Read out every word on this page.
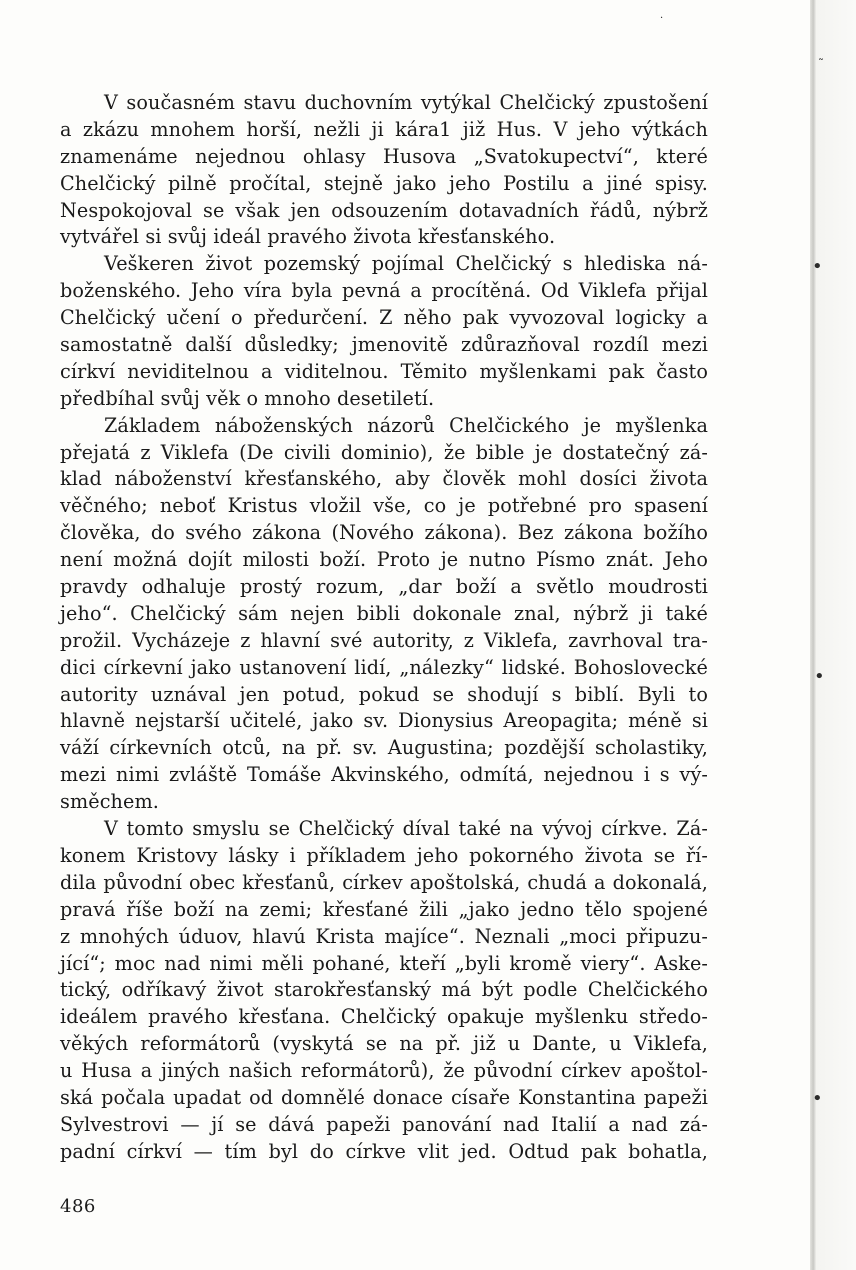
·
˜
•
•
•
V současném stavu duchovním vytýkal Chelčický zpustošení
a zkázu mnohem horší, nežli ji kára1 již Hus. V jeho výtkách
znamenáme nejednou ohlasy Husova „Svatokupectví“, které
Chelčický pilně pročítal, stejně jako jeho Postilu a jiné spisy.
Nespokojoval se však jen odsouzením dotavadních řádů, nýbrž
vytvářel si svůj ideál pravého života křesťanského.
Veškeren život pozemský pojímal Chelčický s hlediska ná-
boženského. Jeho víra byla pevná a procítěná. Od Viklefa přijal
Chelčický učení o předurčení. Z něho pak vyvozoval logicky a
samostatně další důsledky; jmenovitě zdůrazňoval rozdíl mezi
církví neviditelnou a viditelnou. Těmito myšlenkami pak často
předbíhal svůj věk o mnoho desetiletí.
Základem náboženských názorů Chelčického je myšlenka
přejatá z Viklefa (De civili dominio), že bible je dostatečný zá-
klad náboženství křesťanského, aby člověk mohl dosíci života
věčného; neboť Kristus vložil vše, co je potřebné pro spasení
člověka, do svého zákona (Nového zákona). Bez zákona božího
není možná dojít milosti boží. Proto je nutno Písmo znát. Jeho
pravdy odhaluje prostý rozum, „dar boží a světlo moudrosti
jeho“. Chelčický sám nejen bibli dokonale znal, nýbrž ji také
prožil. Vycházeje z hlavní své autority, z Viklefa, zavrhoval tra-
dici církevní jako ustanovení lidí, „nálezky“ lidské. Bohoslovecké
autority uznával jen potud, pokud se shodují s biblí. Byli to
hlavně nejstarší učitelé, jako sv. Dionysius Areopagita; méně si
váží církevních otců, na př. sv. Augustina; pozdější scholastiky,
mezi nimi zvláště Tomáše Akvinského, odmítá, nejednou i s vý-
směchem.
V tomto smyslu se Chelčický díval také na vývoj církve. Zá-
konem Kristovy lásky i příkladem jeho pokorného života se ří-
dila původní obec křesťanů, církev apoštolská, chudá a dokonalá,
pravá říše boží na zemi; křesťané žili „jako jedno tělo spojené
z mnohých úduov, hlavú Krista majíce“. Neznali „moci připuzu-
jící“; moc nad nimi měli pohané, kteří „byli kromě viery“. Aske-
tický, odříkavý život starokřesťanský má být podle Chelčického
ideálem pravého křesťana. Chelčický opakuje myšlenku středo-
věkých reformátorů (vyskytá se na př. již u Dante, u Viklefa,
u Husa a jiných našich reformátorů), že původní církev apoštol-
ská počala upadat od domnělé donace císaře Konstantina papeži
Sylvestrovi — jí se dává papeži panování nad Italií a nad zá-
padní církví — tím byl do církve vlit jed. Odtud pak bohatla,
486
